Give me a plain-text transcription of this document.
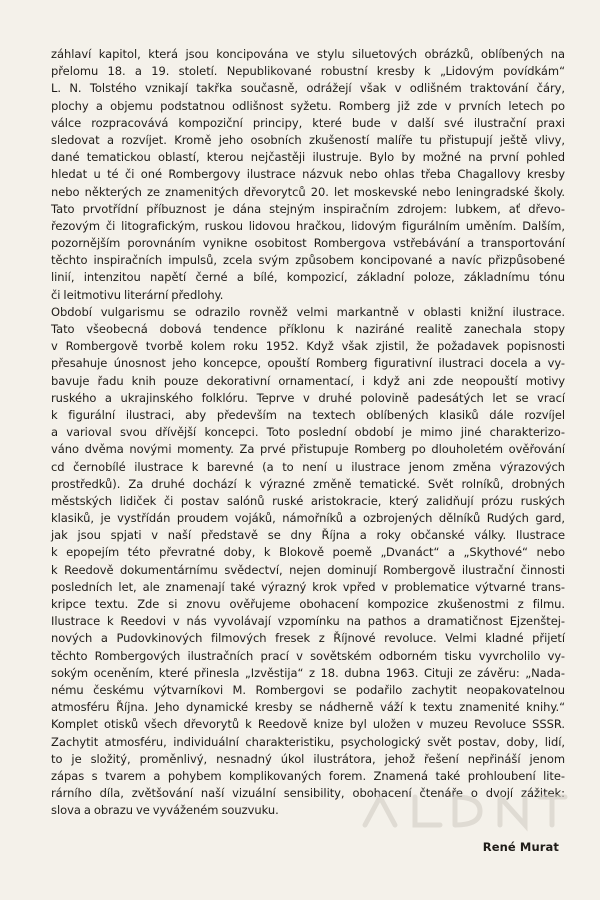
záhlaví kapitol, která jsou koncipována ve stylu siluetových obrázků, oblíbených na
přelomu 18. a 19. století. Nepublikované robustní kresby k „Lidovým povídkám“
L. N. Tolstého vznikají takřka současně, odrážejí však v odlišném traktování čáry,
plochy a objemu podstatnou odlišnost syžetu. Romberg již zde v prvních letech po
válce rozpracovává kompoziční principy, které bude v další své ilustrační praxi
sledovat a rozvíjet. Kromě jeho osobních zkušeností malíře tu přistupují ještě vlivy,
dané tematickou oblastí, kterou nejčastěji ilustruje. Bylo by možné na první pohled
hledat u té či oné Rombergovy ilustrace názvuk nebo ohlas třeba Chagallovy kresby
nebo některých ze znamenitých dřevorytců 20. let moskevské nebo leningradské školy.
Tato prvotřídní příbuznost je dána stejným inspiračním zdrojem: lubkem, ať dřevo-
řezovým či litografickým, ruskou lidovou hračkou, lidovým figurálním uměním. Dalším,
pozornějším porovnáním vynikne osobitost Rombergova vstřebávání a transportování
těchto inspiračních impulsů, zcela svým způsobem koncipované a navíc přizpůsobené
linií, intenzitou napětí černé a bílé, kompozicí, základní poloze, základnímu tónu
či leitmotivu literární předlohy.
Období vulgarismu se odrazilo rovněž velmi markantně v oblasti knižní ilustrace.
Tato všeobecná dobová tendence příklonu k naziráné realitě zanechala stopy
v Rombergově tvorbě kolem roku 1952. Když však zjistil, že požadavek popisnosti
přesahuje únosnost jeho koncepce, opouští Romberg figurativní ilustraci docela a vy-
bavuje řadu knih pouze dekorativní ornamentací, i když ani zde neopouští motivy
ruského a ukrajinského folklóru. Teprve v druhé polovině padesátých let se vrací
k figurální ilustraci, aby především na textech oblíbených klasiků dále rozvíjel
a varioval svou dřívější koncepci. Toto poslední období je mimo jiné charakterizo-
váno dvěma novými momenty. Za prvé přistupuje Romberg po dlouholetém ověřování
cd černobílé ilustrace k barevné (a to není u ilustrace jenom změna výrazových
prostředků). Za druhé dochází k výrazné změně tematické. Svět rolníků, drobných
městských lidiček či postav salónů ruské aristokracie, který zalidňují prózu ruských
klasiků, je vystřídán proudem vojáků, námořníků a ozbrojených dělníků Rudých gard,
jak jsou spjati v naší představě se dny Října a roky občanské války. Ilustrace
k epopejím této převratné doby, k Blokově poemě „Dvanáct“ a „Skythové“ nebo
k Reedově dokumentárnímu svědectví, nejen dominují Rombergově ilustrační činnosti
posledních let, ale znamenají také výrazný krok vpřed v problematice výtvarné trans-
kripce textu. Zde si znovu ověřujeme obohacení kompozice zkušenostmi z filmu.
Ilustrace k Reedovi v nás vyvolávají vzpomínku na pathos a dramatičnost Ejzenštej-
nových a Pudovkinových filmových fresek z Říjnové revoluce. Velmi kladné přijetí
těchto Rombergových ilustračních prací v sovětském odborném tisku vyvrcholilo vy-
sokým oceněním, které přinesla „Izvěstija“ z 18. dubna 1963. Cituji ze závěru: „Nada-
nému českému výtvarníkovi M. Rombergovi se podařilo zachytit neopakovatelnou
atmosféru Října. Jeho dynamické kresby se nádherně váží k textu znamenité knihy.“
Komplet otisků všech dřevorytů k Reedově knize byl uložen v muzeu Revoluce SSSR.
Zachytit atmosféru, individuální charakteristiku, psychologický svět postav, doby, lidí,
to je složitý, proměnlivý, nesnadný úkol ilustrátora, jehož řešení nepřináší jenom
zápas s tvarem a pohybem komplikovaných forem. Znamená také prohloubení lite-
rárního díla, zvětšování naší vizuální sensibility, obohacení čtenáře o dvojí zážitek:
slova a obrazu ve vyváženém souzvuku.
René Murat
